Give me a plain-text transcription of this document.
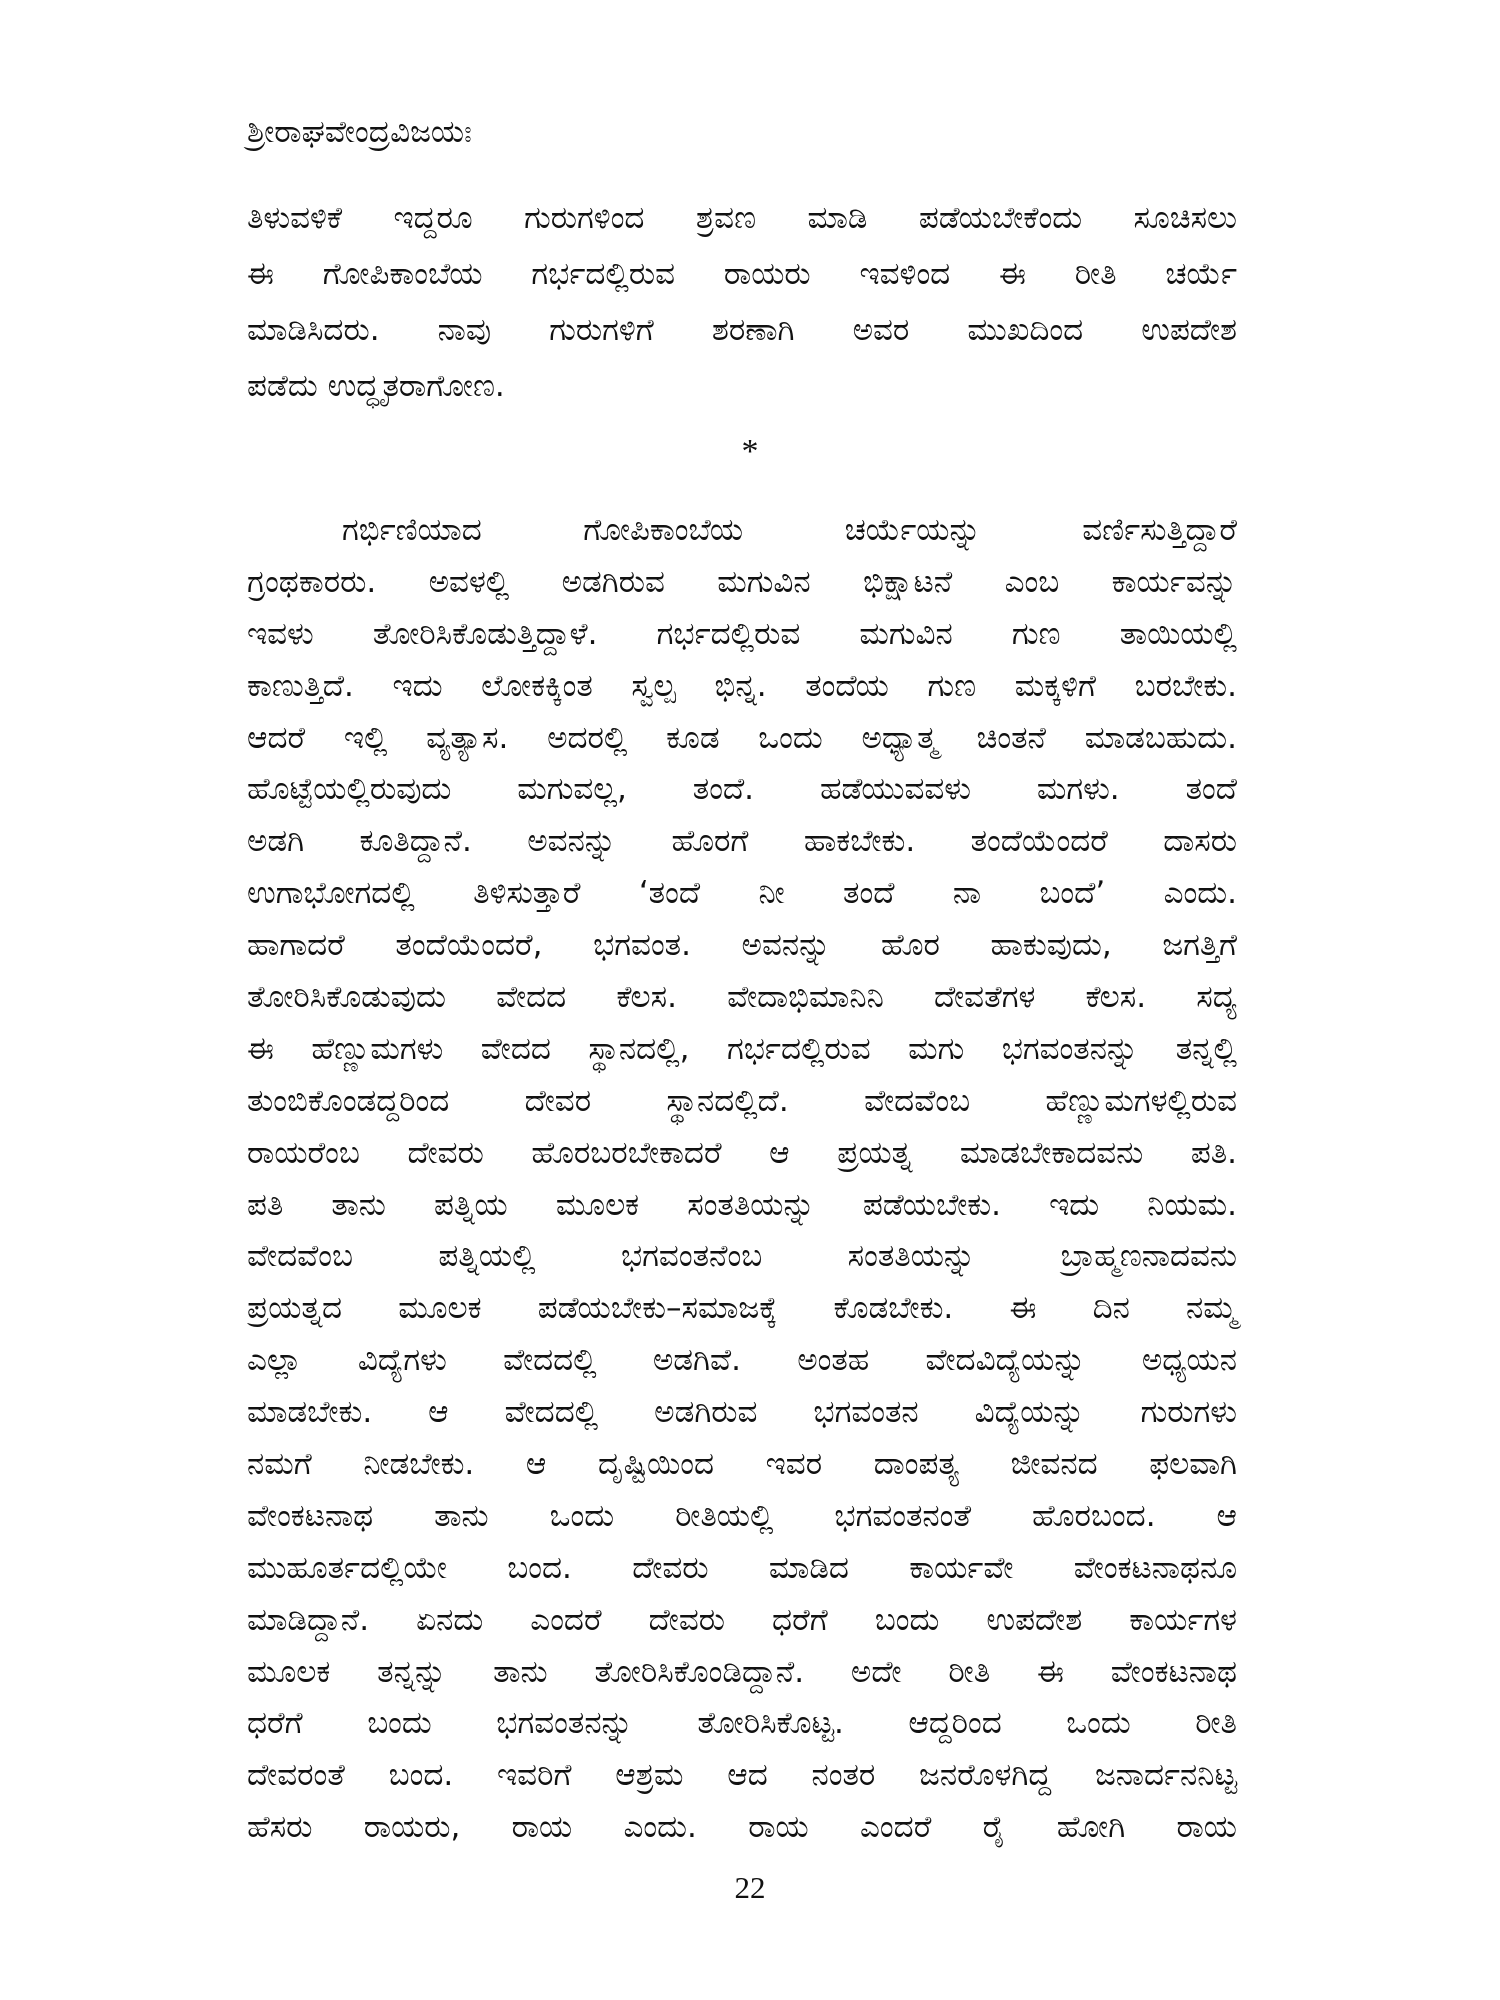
ಶ್ರೀರಾಘವೇಂದ್ರವಿಜಯಃ
ತಿಳುವಳಿಕೆ ಇದ್ದರೂ ಗುರುಗಳಿಂದ ಶ್ರವಣ ಮಾಡಿ ಪಡೆಯಬೇಕೆಂದು ಸೂಚಿಸಲು
ಈ ಗೋಪಿಕಾಂಬೆಯ ಗರ್ಭದಲ್ಲಿರುವ ರಾಯರು ಇವಳಿಂದ ಈ ರೀತಿ ಚರ್ಯೆ
ಮಾಡಿಸಿದರು. ನಾವು ಗುರುಗಳಿಗೆ ಶರಣಾಗಿ ಅವರ ಮುಖದಿಂದ ಉಪದೇಶ
ಪಡೆದು ಉದ್ಧೃತರಾಗೋಣ.
*
ಗರ್ಭಿಣಿಯಾದ ಗೋಪಿಕಾಂಬೆಯ ಚರ್ಯೆಯನ್ನು ವರ್ಣಿಸುತ್ತಿದ್ದಾರೆ
ಗ್ರಂಥಕಾರರು. ಅವಳಲ್ಲಿ ಅಡಗಿರುವ ಮಗುವಿನ ಭಿಕ್ಷಾಟನೆ ಎಂಬ ಕಾರ್ಯವನ್ನು
ಇವಳು ತೋರಿಸಿಕೊಡುತ್ತಿದ್ದಾಳೆ. ಗರ್ಭದಲ್ಲಿರುವ ಮಗುವಿನ ಗುಣ ತಾಯಿಯಲ್ಲಿ
ಕಾಣುತ್ತಿದೆ. ಇದು ಲೋಕಕ್ಕಿಂತ ಸ್ವಲ್ಪ ಭಿನ್ನ. ತಂದೆಯ ಗುಣ ಮಕ್ಕಳಿಗೆ ಬರಬೇಕು.
ಆದರೆ ಇಲ್ಲಿ ವ್ಯತ್ಯಾಸ. ಅದರಲ್ಲಿ ಕೂಡ ಒಂದು ಅಧ್ಯಾತ್ಮ ಚಿಂತನೆ ಮಾಡಬಹುದು.
ಹೊಟ್ಟೆಯಲ್ಲಿರುವುದು ಮಗುವಲ್ಲ, ತಂದೆ. ಹಡೆಯುವವಳು ಮಗಳು. ತಂದೆ
ಅಡಗಿ ಕೂತಿದ್ದಾನೆ. ಅವನನ್ನು ಹೊರಗೆ ಹಾಕಬೇಕು. ತಂದೆಯೆಂದರೆ ದಾಸರು
ಉಗಾಭೋಗದಲ್ಲಿ ತಿಳಿಸುತ್ತಾರೆ ‘ತಂದೆ ನೀ ತಂದೆ ನಾ ಬಂದೆ’ ಎಂದು.
ಹಾಗಾದರೆ ತಂದೆಯೆಂದರೆ, ಭಗವಂತ. ಅವನನ್ನು ಹೊರ ಹಾಕುವುದು, ಜಗತ್ತಿಗೆ
ತೋರಿಸಿಕೊಡುವುದು ವೇದದ ಕೆಲಸ. ವೇದಾಭಿಮಾನಿನಿ ದೇವತೆಗಳ ಕೆಲಸ. ಸದ್ಯ
ಈ ಹೆಣ್ಣುಮಗಳು ವೇದದ ಸ್ಥಾನದಲ್ಲಿ, ಗರ್ಭದಲ್ಲಿರುವ ಮಗು ಭಗವಂತನನ್ನು ತನ್ನಲ್ಲಿ
ತುಂಬಿಕೊಂಡದ್ದರಿಂದ ದೇವರ ಸ್ಥಾನದಲ್ಲಿದೆ. ವೇದವೆಂಬ ಹೆಣ್ಣುಮಗಳಲ್ಲಿರುವ
ರಾಯರೆಂಬ ದೇವರು ಹೊರಬರಬೇಕಾದರೆ ಆ ಪ್ರಯತ್ನ ಮಾಡಬೇಕಾದವನು ಪತಿ.
ಪತಿ ತಾನು ಪತ್ನಿಯ ಮೂಲಕ ಸಂತತಿಯನ್ನು ಪಡೆಯಬೇಕು. ಇದು ನಿಯಮ.
ವೇದವೆಂಬ ಪತ್ನಿಯಲ್ಲಿ ಭಗವಂತನೆಂಬ ಸಂತತಿಯನ್ನು ಬ್ರಾಹ್ಮಣನಾದವನು
ಪ್ರಯತ್ನದ ಮೂಲಕ ಪಡೆಯಬೇಕು–ಸಮಾಜಕ್ಕೆ ಕೊಡಬೇಕು. ಈ ದಿನ ನಮ್ಮ
ಎಲ್ಲಾ ವಿದ್ಯೆಗಳು ವೇದದಲ್ಲಿ ಅಡಗಿವೆ. ಅಂತಹ ವೇದವಿದ್ಯೆಯನ್ನು ಅಧ್ಯಯನ
ಮಾಡಬೇಕು. ಆ ವೇದದಲ್ಲಿ ಅಡಗಿರುವ ಭಗವಂತನ ವಿದ್ಯೆಯನ್ನು ಗುರುಗಳು
ನಮಗೆ ನೀಡಬೇಕು. ಆ ದೃಷ್ಟಿಯಿಂದ ಇವರ ದಾಂಪತ್ಯ ಜೀವನದ ಫಲವಾಗಿ
ವೇಂಕಟನಾಥ ತಾನು ಒಂದು ರೀತಿಯಲ್ಲಿ ಭಗವಂತನಂತೆ ಹೊರಬಂದ. ಆ
ಮುಹೂರ್ತದಲ್ಲಿಯೇ ಬಂದ. ದೇವರು ಮಾಡಿದ ಕಾರ್ಯವೇ ವೇಂಕಟನಾಥನೂ
ಮಾಡಿದ್ದಾನೆ. ಏನದು ಎಂದರೆ ದೇವರು ಧರೆಗೆ ಬಂದು ಉಪದೇಶ ಕಾರ್ಯಗಳ
ಮೂಲಕ ತನ್ನನ್ನು ತಾನು ತೋರಿಸಿಕೊಂಡಿದ್ದಾನೆ. ಅದೇ ರೀತಿ ಈ ವೇಂಕಟನಾಥ
ಧರೆಗೆ ಬಂದು ಭಗವಂತನನ್ನು ತೋರಿಸಿಕೊಟ್ಟ. ಆದ್ದರಿಂದ ಒಂದು ರೀತಿ
ದೇವರಂತೆ ಬಂದ. ಇವರಿಗೆ ಆಶ್ರಮ ಆದ ನಂತರ ಜನರೊಳಗಿದ್ದ ಜನಾರ್ದನನಿಟ್ಟ
ಹೆಸರು ರಾಯರು, ರಾಯ ಎಂದು. ರಾಯ ಎಂದರೆ ರೈ ಹೋಗಿ ರಾಯ
22
